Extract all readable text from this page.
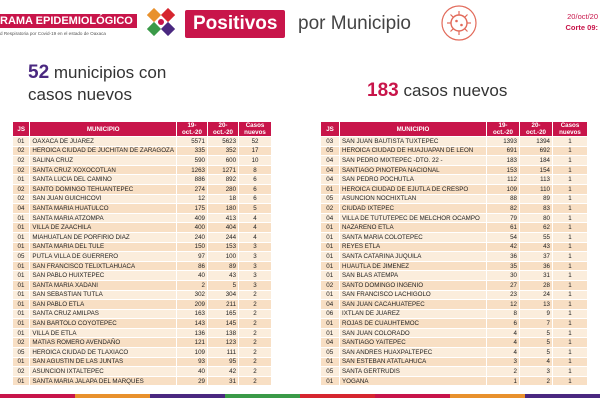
RAMA EPIDEMIOLÓGICO
d Respiratoria por Covid-19 en el estado de Oaxaca	Positivos	por Municipio	20/oct/20
Corte 09:
52 municipios con
casos nuevos	183 casos nuevos
JS	MUNICIPIO	19-oct.-20	20-oct.-20	Casos nuevos
01	OAXACA DE JUAREZ	5571	5623	52
02	HEROICA CIUDAD DE JUCHITAN DE ZARAGOZA	335	352	17
02	SALINA CRUZ	590	600	10
02	SANTA CRUZ XOXOCOTLAN	1263	1271	8
01	SANTA LUCIA DEL CAMINO	886	892	6
02	SANTO DOMINGO TEHUANTEPEC	274	280	6
02	SAN JUAN GUICHICOVI	12	18	6
04	SANTA MARIA HUATULCO	175	180	5
01	SANTA MARIA ATZOMPA	409	413	4
01	VILLA DE ZAACHILA	400	404	4
01	MIAHUATLAN DE PORFIRIO DIAZ	240	244	4
01	SANTA MARIA DEL TULE	150	153	3
05	PUTLA VILLA DE GUERRERO	97	100	3
01	SAN FRANCISCO TELIXTLAHUACA	86	89	3
01	SAN PABLO HUIXTEPEC	40	43	3
01	SANTA MARIA XADANI	2	5	3
01	SAN SEBASTIAN TUTLA	302	304	2
01	SAN PABLO ETLA	209	211	2
01	SANTA CRUZ AMILPAS	163	165	2
01	SAN BARTOLO COYOTEPEC	143	145	2
01	VILLA DE ETLA	136	138	2
02	MATIAS ROMERO AVENDAÑO	121	123	2
05	HEROICA CIUDAD DE TLAXIACO	109	111	2
01	SAN AGUSTIN DE LAS JUNTAS	93	95	2
02	ASUNCION IXTALTEPEC	40	42	2
01	SANTA MARIA JALAPA DEL MARQUES	29	31	2
JS	MUNICIPIO	19-oct.-20	20-oct.-20	Casos nuevos
03	SAN JUAN BAUTISTA TUXTEPEC	1393	1394	1
05	HEROICA CIUDAD DE HUAJUAPAN DE LEON	691	692	1
04	SAN PEDRO MIXTEPEC -DTO. 22 -	183	184	1
04	SANTIAGO PINOTEPA NACIONAL	153	154	1
04	SAN PEDRO POCHUTLA	112	113	1
01	HEROICA CIUDAD DE EJUTLA DE CRESPO	109	110	1
05	ASUNCION NOCHIXTLAN	88	89	1
02	CIUDAD IXTEPEC	82	83	1
04	VILLA DE TUTUTEPEC DE MELCHOR OCAMPO	79	80	1
01	NAZARENO ETLA	61	62	1
01	SANTA MARIA COLOTEPEC	54	55	1
01	REYES ETLA	42	43	1
01	SANTA CATARINA JUQUILA	36	37	1
01	HUAUTLA DE JIMENEZ	35	36	1
01	SAN BLAS ATEMPA	30	31	1
02	SANTO DOMINGO INGENIO	27	28	1
01	SAN FRANCISCO LACHIGOLO	23	24	1
04	SAN JUAN CACAHUATEPEC	12	13	1
06	IXTLAN DE JUAREZ	8	9	1
01	ROJAS DE CUAUHTEMOC	6	7	1
01	SAN JUAN COLORADO	4	5	1
04	SANTIAGO YAITEPEC	4	5	1
05	SAN ANDRES HUAXPALTEPEC	4	5	1
01	SAN ESTEBAN ATATLAHUCA	3	4	1
05	SANTA GERTRUDIS	2	3	1
01	YOGANA	1	2	1
